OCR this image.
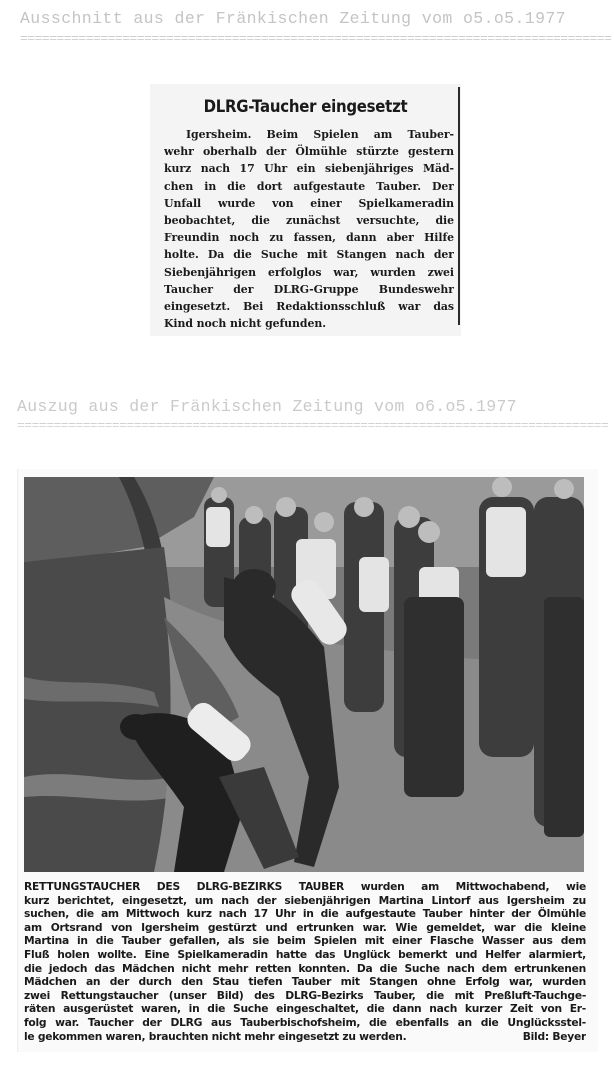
Ausschnitt aus der Fränkischen Zeitung vom o5.o5.1977
=================================================================================
DLRG-Taucher eingesetzt
Igersheim. Beim Spielen am Tauber-
wehr oberhalb der Ölmühle stürzte gestern
kurz nach 17 Uhr ein siebenjähriges Mäd-
chen in die dort aufgestaute Tauber. Der
Unfall wurde von einer Spielkameradin
beobachtet, die zunächst versuchte, die
Freundin noch zu fassen, dann aber Hilfe
holte. Da die Suche mit Stangen nach der
Siebenjährigen erfolglos war, wurden zwei
Taucher der DLRG-Gruppe Bundeswehr
eingesetzt. Bei Redaktionsschluß war das
Kind noch nicht gefunden.
Auszug aus der Fränkischen Zeitung vom o6.o5.1977
=================================================================================
RETTUNGSTAUCHER DES DLRG-BEZIRKS TAUBER wurden am Mittwochabend, wie
kurz berichtet, eingesetzt, um nach der siebenjährigen Martina Lintorf aus Igersheim zu
suchen, die am Mittwoch kurz nach 17 Uhr in die aufgestaute Tauber hinter der Ölmühle
am Ortsrand von Igersheim gestürzt und ertrunken war. Wie gemeldet, war die kleine
Martina in die Tauber gefallen, als sie beim Spielen mit einer Flasche Wasser aus dem
Fluß holen wollte. Eine Spielkameradin hatte das Unglück bemerkt und Helfer alarmiert,
die jedoch das Mädchen nicht mehr retten konnten. Da die Suche nach dem ertrunkenen
Mädchen an der durch den Stau tiefen Tauber mit Stangen ohne Erfolg war, wurden
zwei Rettungstaucher (unser Bild) des DLRG-Bezirks Tauber, die mit Preßluft-Tauchge-
räten ausgerüstet waren, in die Suche eingeschaltet, die dann nach kurzer Zeit von Er-
folg war. Taucher der DLRG aus Tauberbischofsheim, die ebenfalls an die Unglücksstel-
le gekommen waren, brauchten nicht mehr eingesetzt zu werden.	Bild: Beyer
